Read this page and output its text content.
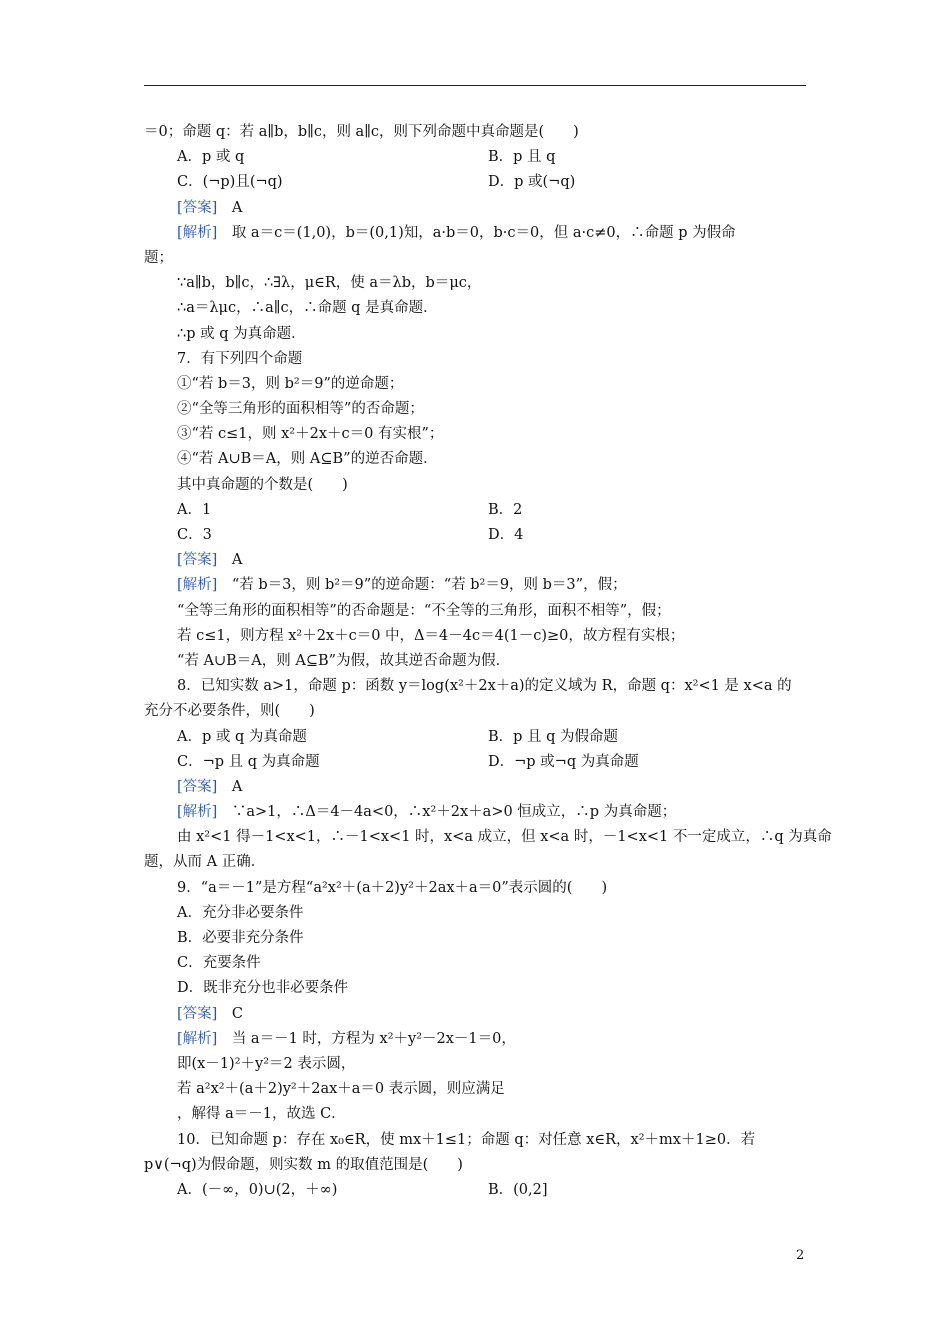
＝0；命题 q：若 a∥b，b∥c，则 a∥c，则下列命题中真命题是(　　)
A．p 或 q	B．p 且 q
C．(¬p)且(¬q)	D．p 或(¬q)
[答案]　A
[解析]　取 a＝c＝(1,0)，b＝(0,1)知，a·b＝0，b·c＝0，但 a·c≠0，∴命题 p 为假命
题；
∵a∥b，b∥c，∴∃λ，μ∈R，使 a＝λb，b＝μc，
∴a＝λμc，∴a∥c，∴命题 q 是真命题．
∴p 或 q 为真命题．
7．有下列四个命题
①“若 b＝3，则 b²＝9”的逆命题；
②“全等三角形的面积相等”的否命题；
③“若 c≤1，则 x²＋2x＋c＝0 有实根”；
④“若 A∪B＝A，则 A⊆B”的逆否命题．
其中真命题的个数是(　　)
A．1	B．2
C．3	D．4
[答案]　A
[解析]　“若 b＝3，则 b²＝9”的逆命题：“若 b²＝9，则 b＝3”，假；
“全等三角形的面积相等”的否命题是：“不全等的三角形，面积不相等”，假；
若 c≤1，则方程 x²＋2x＋c＝0 中，Δ＝4－4c＝4(1－c)≥0，故方程有实根；
“若 A∪B＝A，则 A⊆B”为假，故其逆否命题为假．
8．已知实数 a>1，命题 p：函数 y＝log(x²＋2x＋a)的定义域为 R，命题 q：x²<1 是 x<a 的
充分不必要条件，则(　　)
A．p 或 q 为真命题	B．p 且 q 为假命题
C．¬p 且 q 为真命题	D．¬p 或¬q 为真命题
[答案]　A
[解析]　∵a>1，∴Δ＝4－4a<0，∴x²＋2x＋a>0 恒成立，∴p 为真命题；
由 x²<1 得－1<x<1，∴－1<x<1 时，x<a 成立，但 x<a 时，－1<x<1 不一定成立，∴q 为真命
题，从而 A 正确．
9．“a＝－1”是方程“a²x²＋(a＋2)y²＋2ax＋a＝0”表示圆的(　　)
A．充分非必要条件
B．必要非充分条件
C．充要条件
D．既非充分也非必要条件
[答案]　C
[解析]　当 a＝－1 时，方程为 x²＋y²－2x－1＝0，
即(x－1)²＋y²＝2 表示圆，
若 a²x²＋(a＋2)y²＋2ax＋a＝0 表示圆，则应满足
，解得 a＝－1，故选 C．
10．已知命题 p：存在 x₀∈R，使 mx＋1≤1；命题 q：对任意 x∈R，x²＋mx＋1≥0．若
p∨(¬q)为假命题，则实数 m 的取值范围是(　　)
A．(－∞，0)∪(2，＋∞)	B．(0,2]
2
